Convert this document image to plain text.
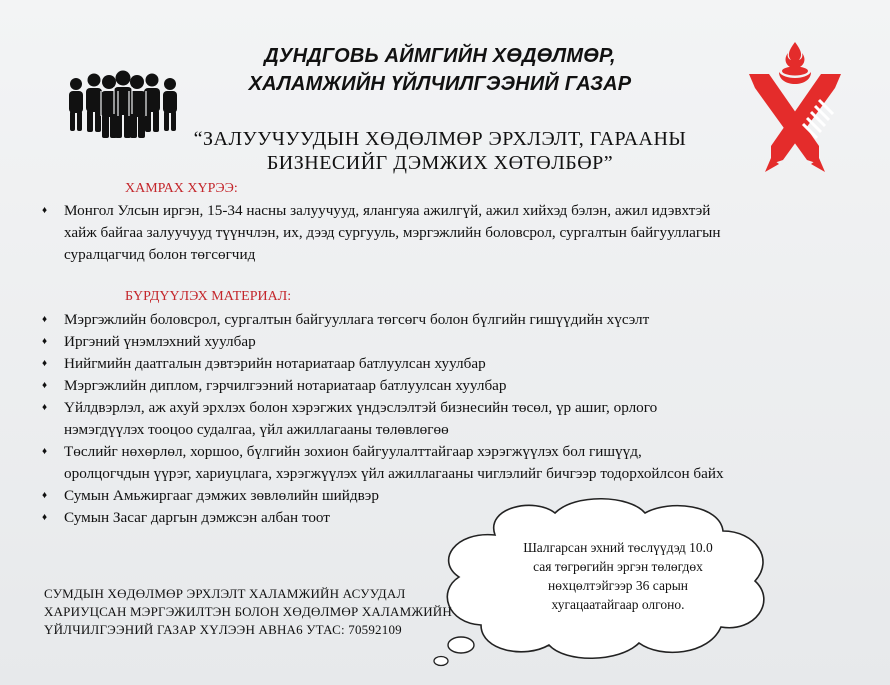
ДУНДГОВЬ АЙМГИЙН ХӨДӨЛМӨР,
ХАЛАМЖИЙН ҮЙЛЧИЛГЭЭНИЙ ГАЗАР
“ЗАЛУУЧУУДЫН ХӨДӨЛМӨР ЭРХЛЭЛТ, ГАРААНЫ
БИЗНЕСИЙГ ДЭМЖИХ ХӨТӨЛБӨР”
ХАМРАХ ХҮРЭЭ:
♦ Монгол Улсын иргэн, 15-34 насны залуучууд, ялангуяа ажилгүй, ажил хийхэд бэлэн, ажил идэвхтэй
хайж байгаа залуучууд түүнчлэн, их, дээд сургууль, мэргэжлийн боловсрол, сургалтын байгууллагын
суралцагчид болон төгсөгчид
БҮРДҮҮЛЭХ МАТЕРИАЛ:
♦ Мэргэжлийн боловсрол, сургалтын байгууллага төгсөгч болон бүлгийн гишүүдийн хүсэлт
♦ Иргэний үнэмлэхний хуулбар
♦ Нийгмийн даатгалын дэвтэрийн нотариатаар батлуулсан хуулбар
♦ Мэргэжлийн диплом, гэрчилгээний нотариатаар батлуулсан хуулбар
♦ Үйлдвэрлэл, аж ахуй эрхлэх болон хэрэгжих үндэслэлтэй бизнесийн төсөл, үр ашиг, орлого
нэмэгдүүлэх тооцоо судалгаа, үйл ажиллагааны төлөвлөгөө
♦ Төслийг нөхөрлөл, хоршоо, бүлгийн зохион байгуулалттайгаар хэрэгжүүлэх бол гишүүд,
оролцогчдын үүрэг, хариуцлага, хэрэгжүүлэх үйл ажиллагааны чиглэлийг бичгээр тодорхойлсон байх
♦ Сумын Амьжиргааг дэмжих зөвлөлийн шийдвэр
♦ Сумын Засаг даргын дэмжсэн албан тоот
Шалгарсан эхний төслүүдэд 10.0
сая төгрөгийн эргэн төлөгдөх
нөхцөлтэйгээр 36 сарын
хугацаатайгаар олгоно.
СУМДЫН ХӨДӨЛМӨР ЭРХЛЭЛТ ХАЛАМЖИЙН АСУУДАЛ
ХАРИУЦСАН МЭРГЭЖИЛТЭН БОЛОН ХӨДӨЛМӨР ХАЛАМЖИЙН
ҮЙЛЧИЛГЭЭНИЙ ГАЗАР ХҮЛЭЭН АВНА6 УТАС: 70592109
